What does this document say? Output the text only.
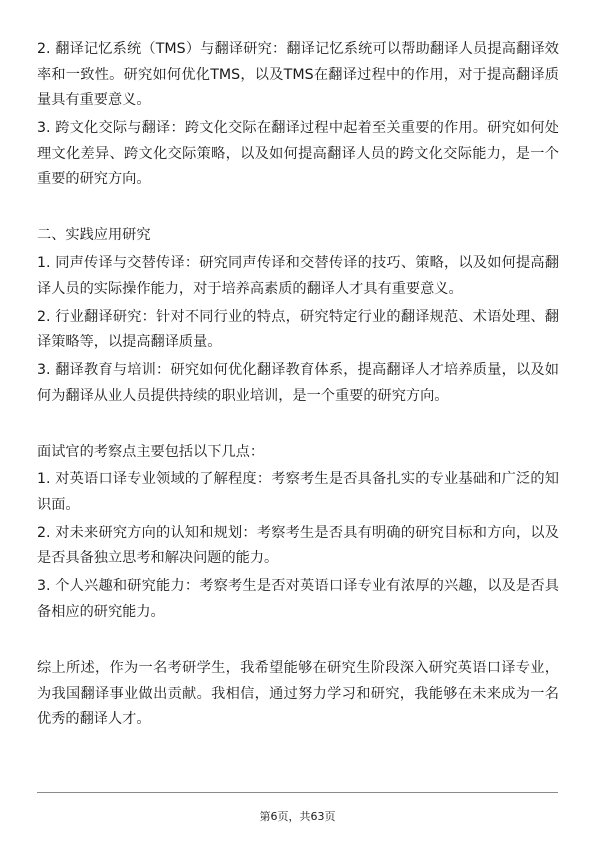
2. 翻译记忆系统（TMS）与翻译研究：翻译记忆系统可以帮助翻译人员提高翻译效率和一致性。研究如何优化TMS，以及TMS在翻译过程中的作用，对于提高翻译质量具有重要意义。

3. 跨文化交际与翻译：跨文化交际在翻译过程中起着至关重要的作用。研究如何处理文化差异、跨文化交际策略，以及如何提高翻译人员的跨文化交际能力，是一个重要的研究方向。

二、实践应用研究

1. 同声传译与交替传译：研究同声传译和交替传译的技巧、策略，以及如何提高翻译人员的实际操作能力，对于培养高素质的翻译人才具有重要意义。

2. 行业翻译研究：针对不同行业的特点，研究特定行业的翻译规范、术语处理、翻译策略等，以提高翻译质量。

3. 翻译教育与培训：研究如何优化翻译教育体系，提高翻译人才培养质量，以及如何为翻译从业人员提供持续的职业培训，是一个重要的研究方向。

面试官的考察点主要包括以下几点：

1. 对英语口译专业领域的了解程度：考察考生是否具备扎实的专业基础和广泛的知识面。

2. 对未来研究方向的认知和规划：考察考生是否具有明确的研究目标和方向，以及是否具备独立思考和解决问题的能力。

3. 个人兴趣和研究能力：考察考生是否对英语口译专业有浓厚的兴趣，以及是否具备相应的研究能力。

综上所述，作为一名考研学生，我希望能够在研究生阶段深入研究英语口译专业，为我国翻译事业做出贡献。我相信，通过努力学习和研究，我能够在未来成为一名优秀的翻译人才。

第6页，共63页
